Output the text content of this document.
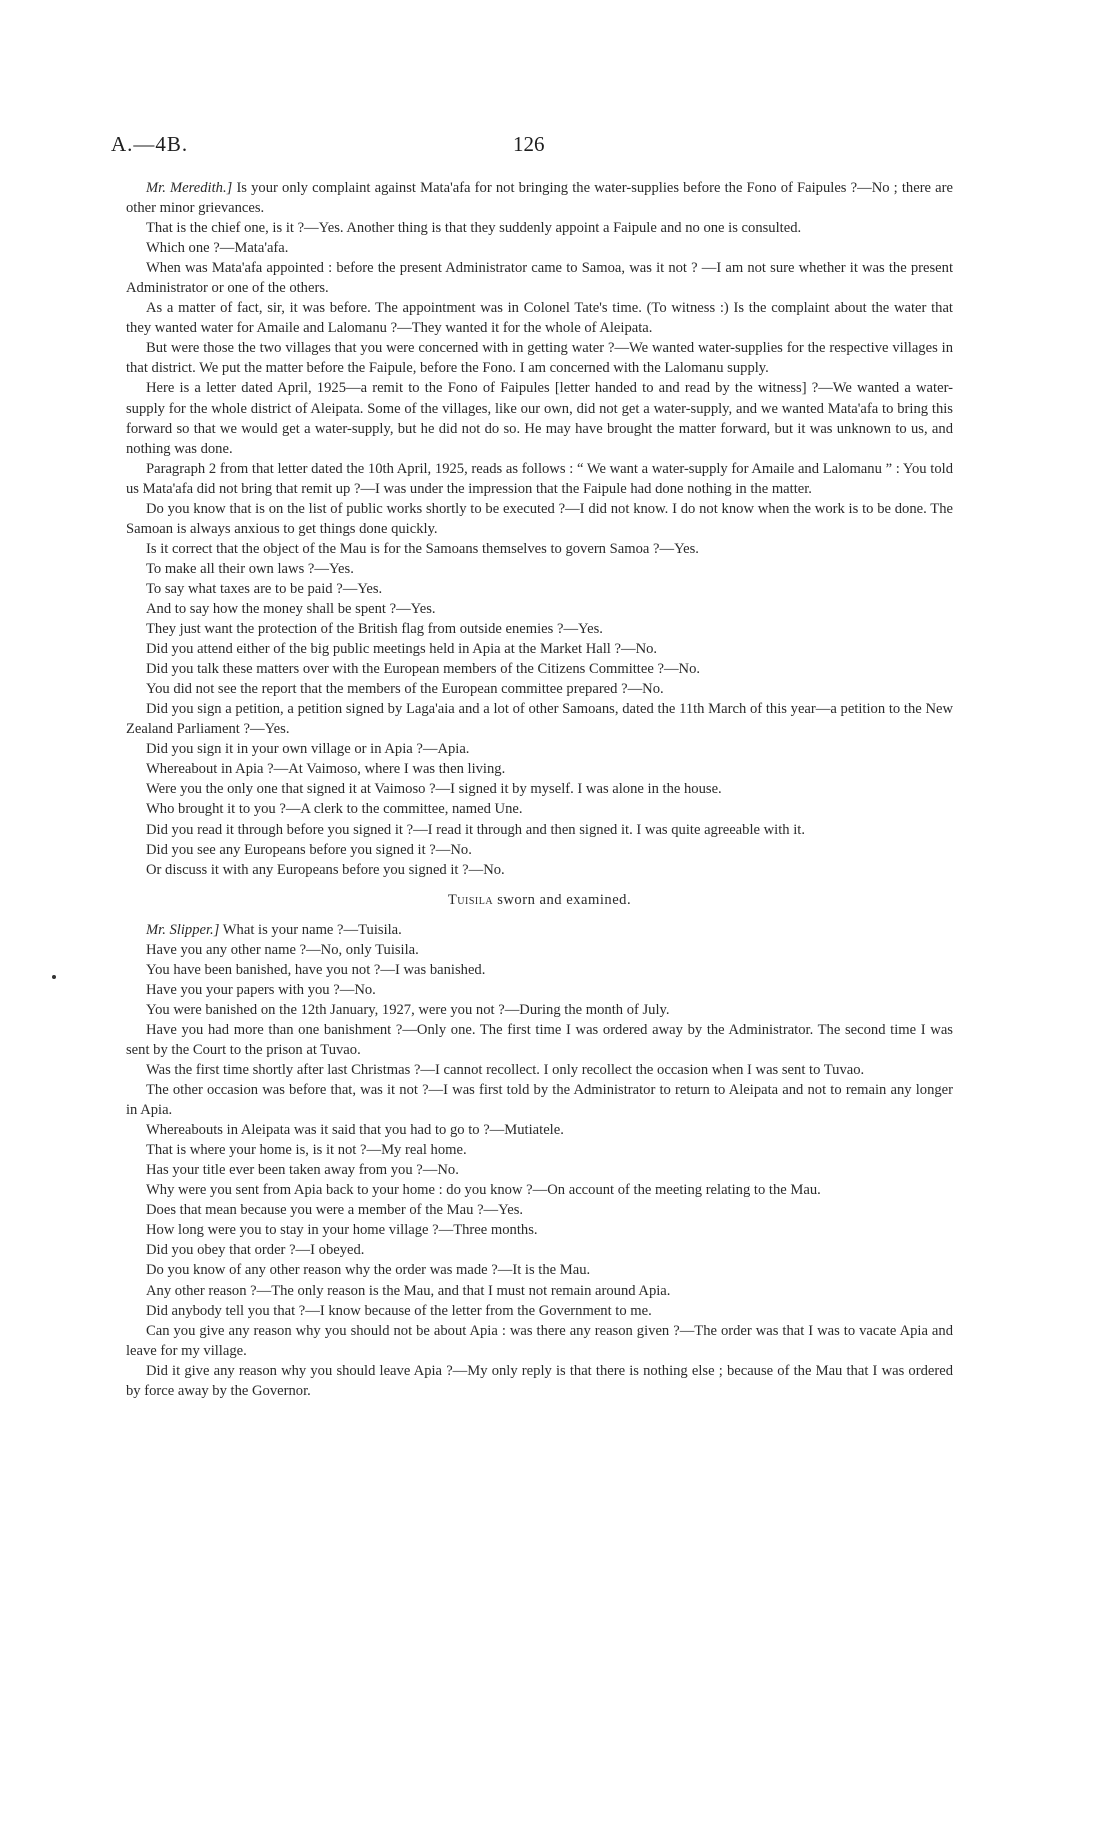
A.—4B.	126

Mr. Meredith.] Is your only complaint against Mata'afa for not bringing the water-supplies before the Fono of Faipules ?—No ; there are other minor grievances.

That is the chief one, is it ?—Yes. Another thing is that they suddenly appoint a Faipule and no one is consulted.

Which one ?—Mata'afa.

When was Mata'afa appointed : before the present Administrator came to Samoa, was it not ? —I am not sure whether it was the present Administrator or one of the others.

As a matter of fact, sir, it was before. The appointment was in Colonel Tate's time. (To witness :) Is the complaint about the water that they wanted water for Amaile and Lalomanu ?—They wanted it for the whole of Aleipata.

But were those the two villages that you were concerned with in getting water ?—We wanted water-supplies for the respective villages in that district. We put the matter before the Faipule, before the Fono. I am concerned with the Lalomanu supply.

Here is a letter dated April, 1925—a remit to the Fono of Faipules [letter handed to and read by the witness] ?—We wanted a water-supply for the whole district of Aleipata. Some of the villages, like our own, did not get a water-supply, and we wanted Mata'afa to bring this forward so that we would get a water-supply, but he did not do so. He may have brought the matter forward, but it was unknown to us, and nothing was done.

Paragraph 2 from that letter dated the 10th April, 1925, reads as follows : “ We want a water-supply for Amaile and Lalomanu ” : You told us Mata'afa did not bring that remit up ?—I was under the impression that the Faipule had done nothing in the matter.

Do you know that is on the list of public works shortly to be executed ?—I did not know. I do not know when the work is to be done. The Samoan is always anxious to get things done quickly.

Is it correct that the object of the Mau is for the Samoans themselves to govern Samoa ?—Yes.

To make all their own laws ?—Yes.

To say what taxes are to be paid ?—Yes.

And to say how the money shall be spent ?—Yes.

They just want the protection of the British flag from outside enemies ?—Yes.

Did you attend either of the big public meetings held in Apia at the Market Hall ?—No.

Did you talk these matters over with the European members of the Citizens Committee ?—No.

You did not see the report that the members of the European committee prepared ?—No.

Did you sign a petition, a petition signed by Laga'aia and a lot of other Samoans, dated the 11th March of this year—a petition to the New Zealand Parliament ?—Yes.

Did you sign it in your own village or in Apia ?—Apia.

Whereabout in Apia ?—At Vaimoso, where I was then living.

Were you the only one that signed it at Vaimoso ?—I signed it by myself. I was alone in the house.

Who brought it to you ?—A clerk to the committee, named Une.

Did you read it through before you signed it ?—I read it through and then signed it. I was quite agreeable with it.

Did you see any Europeans before you signed it ?—No.

Or discuss it with any Europeans before you signed it ?—No.

Tuisila sworn and examined.

Mr. Slipper.] What is your name ?—Tuisila.

Have you any other name ?—No, only Tuisila.

You have been banished, have you not ?—I was banished.

Have you your papers with you ?—No.

You were banished on the 12th January, 1927, were you not ?—During the month of July.

Have you had more than one banishment ?—Only one. The first time I was ordered away by the Administrator. The second time I was sent by the Court to the prison at Tuvao.

Was the first time shortly after last Christmas ?—I cannot recollect. I only recollect the occasion when I was sent to Tuvao.

The other occasion was before that, was it not ?—I was first told by the Administrator to return to Aleipata and not to remain any longer in Apia.

Whereabouts in Aleipata was it said that you had to go to ?—Mutiatele.

That is where your home is, is it not ?—My real home.

Has your title ever been taken away from you ?—No.

Why were you sent from Apia back to your home : do you know ?—On account of the meeting relating to the Mau.

Does that mean because you were a member of the Mau ?—Yes.

How long were you to stay in your home village ?—Three months.

Did you obey that order ?—I obeyed.

Do you know of any other reason why the order was made ?—It is the Mau.

Any other reason ?—The only reason is the Mau, and that I must not remain around Apia.

Did anybody tell you that ?—I know because of the letter from the Government to me.

Can you give any reason why you should not be about Apia : was there any reason given ?—The order was that I was to vacate Apia and leave for my village.

Did it give any reason why you should leave Apia ?—My only reply is that there is nothing else ; because of the Mau that I was ordered by force away by the Governor.
